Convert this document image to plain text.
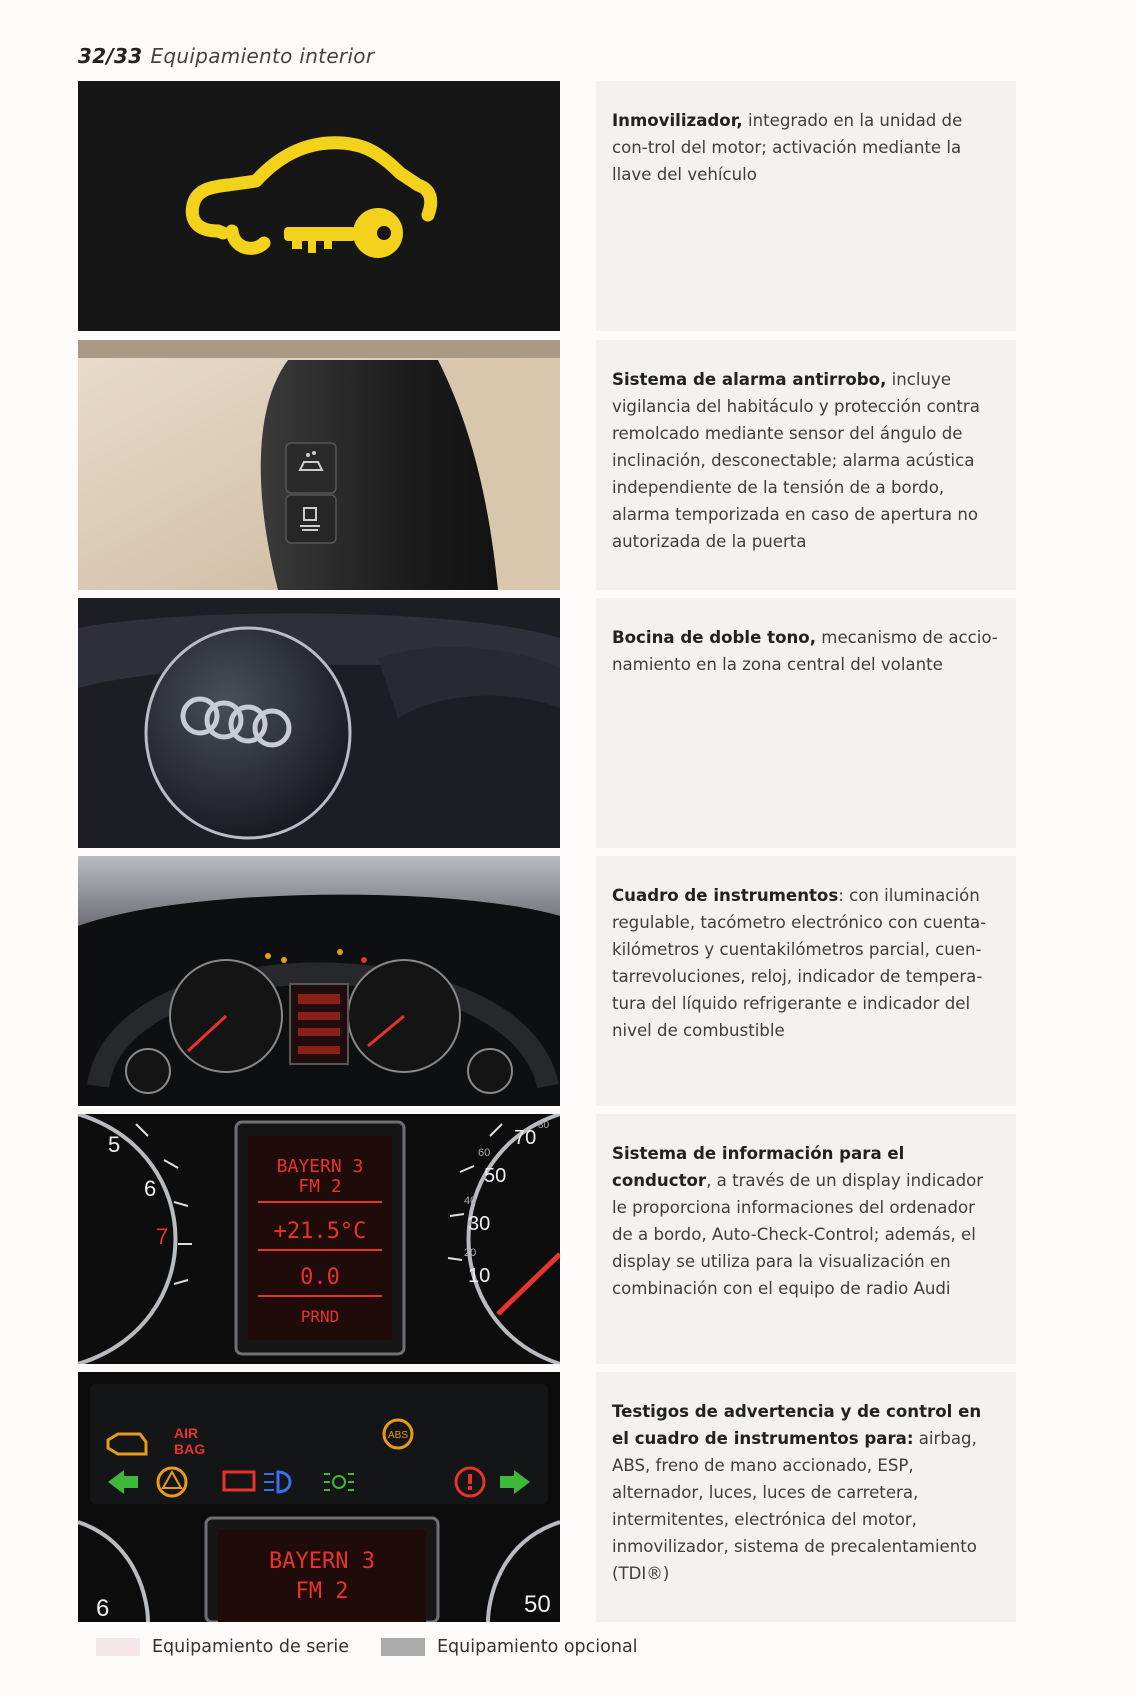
32/33 Equipamiento interior
Inmovilizador, integrado en la unidad de con-trol del motor; activación mediante la llave del vehículo
Sistema de alarma antirrobo, incluye vigilancia del habitáculo y protección contra remolcado mediante sensor del ángulo de inclinación, desconectable; alarma acústica independiente de la tensión de a bordo, alarma temporizada en caso de apertura no autorizada de la puerta
Bocina de doble tono, mecanismo de accio-namiento en la zona central del volante
Cuadro de instrumentos: con iluminación regulable, tacómetro electrónico con cuenta-kilómetros y cuentakilómetros parcial, cuen-tarrevoluciones, reloj, indicador de tempera-tura del líquido refrigerante e indicador del nivel de combustible
5
6
7
70
50
30
10
80
60
40
20
BAYERN 3
FM 2
+21.5°C
0.0
PRND
Sistema de información para el conductor, a través de un display indicador le proporciona informaciones del ordenador de a bordo, Auto-Check-Control; además, el display se utiliza para la visualización en combinación con el equipo de radio Audi
AIR
BAG
ABS
6	50
BAYERN 3
FM 2
Testigos de advertencia y de control en el cuadro de instrumentos para: airbag, ABS, freno de mano accionado, ESP, alternador, luces, luces de carretera, intermitentes, electrónica del motor, inmovilizador, sistema de precalentamiento (TDI®)
Equipamiento de serie	Equipamiento opcional
